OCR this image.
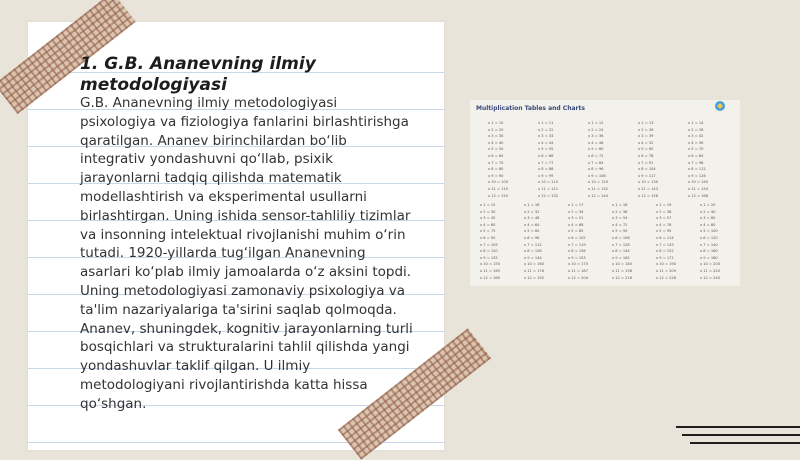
1. G.B. Ananevning ilmiy metodologiyasi

G.B. Ananevning ilmiy metodologiyasi psixologiya va fiziologiya fanlarini birlashtirishga qaratilgan. Ananev birinchilardan bo‘lib integrativ yondashuvni qo‘llab, psixik jarayonlarni tadqiq qilishda matematik modellashtirish va eksperimental usullarni birlashtirgan. Uning ishida sensor-tahliliy tizimlar va insonning intelektual rivojlanishi muhim o‘rin tutadi. 1920-yillarda tug‘ilgan Ananevning asarlari ko‘plab ilmiy jamoalarda o‘z aksini topdi. Uning metodologiyasi zamonaviy psixologiya va ta'lim nazariyalariga ta'sirini saqlab qolmoqda. Ananev, shuningdek, kognitiv jarayonlarning turli bosqichlari va strukturalarini tahlil qilishda yangi yondashuvlar taklif qilgan. U ilmiy metodologiyani rivojlantirishda katta hissa qo‘shgan.

Multiplication Tables and Charts
x 1 = 10
x 2 = 20
x 3 = 30
x 4 = 40
x 5 = 50
x 6 = 60
x 7 = 70
x 8 = 80
x 9 = 90
x 10 = 100
x 11 = 110
x 12 = 120
x 1 = 11
x 2 = 22
x 3 = 33
x 4 = 44
x 5 = 55
x 6 = 66
x 7 = 77
x 8 = 88
x 9 = 99
x 10 = 110
x 11 = 121
x 12 = 132
x 1 = 12
x 2 = 24
x 3 = 36
x 4 = 48
x 5 = 60
x 6 = 72
x 7 = 84
x 8 = 96
x 9 = 108
x 10 = 120
x 11 = 132
x 12 = 144
x 1 = 13
x 2 = 26
x 3 = 39
x 4 = 52
x 5 = 65
x 6 = 78
x 7 = 91
x 8 = 104
x 9 = 117
x 10 = 130
x 11 = 143
x 12 = 156
x 1 = 14
x 2 = 28
x 3 = 42
x 4 = 56
x 5 = 70
x 6 = 84
x 7 = 98
x 8 = 112
x 9 = 126
x 10 = 140
x 11 = 154
x 12 = 168
x 1 = 15
x 2 = 30
x 3 = 45
x 4 = 60
x 5 = 75
x 6 = 90
x 7 = 105
x 8 = 120
x 9 = 135
x 10 = 150
x 11 = 165
x 12 = 180
x 1 = 16
x 2 = 32
x 3 = 48
x 4 = 64
x 5 = 80
x 6 = 96
x 7 = 112
x 8 = 128
x 9 = 144
x 10 = 160
x 11 = 176
x 12 = 192
x 1 = 17
x 2 = 34
x 3 = 51
x 4 = 68
x 5 = 85
x 6 = 102
x 7 = 119
x 8 = 136
x 9 = 153
x 10 = 170
x 11 = 187
x 12 = 204
x 1 = 18
x 2 = 36
x 3 = 54
x 4 = 72
x 5 = 90
x 6 = 108
x 7 = 126
x 8 = 144
x 9 = 162
x 10 = 180
x 11 = 198
x 12 = 216
x 1 = 19
x 2 = 38
x 3 = 57
x 4 = 76
x 5 = 95
x 6 = 114
x 7 = 133
x 8 = 152
x 9 = 171
x 10 = 190
x 11 = 209
x 12 = 228
x 1 = 20
x 2 = 40
x 3 = 60
x 4 = 80
x 5 = 100
x 6 = 120
x 7 = 140
x 8 = 160
x 9 = 180
x 10 = 200
x 11 = 220
x 12 = 240
